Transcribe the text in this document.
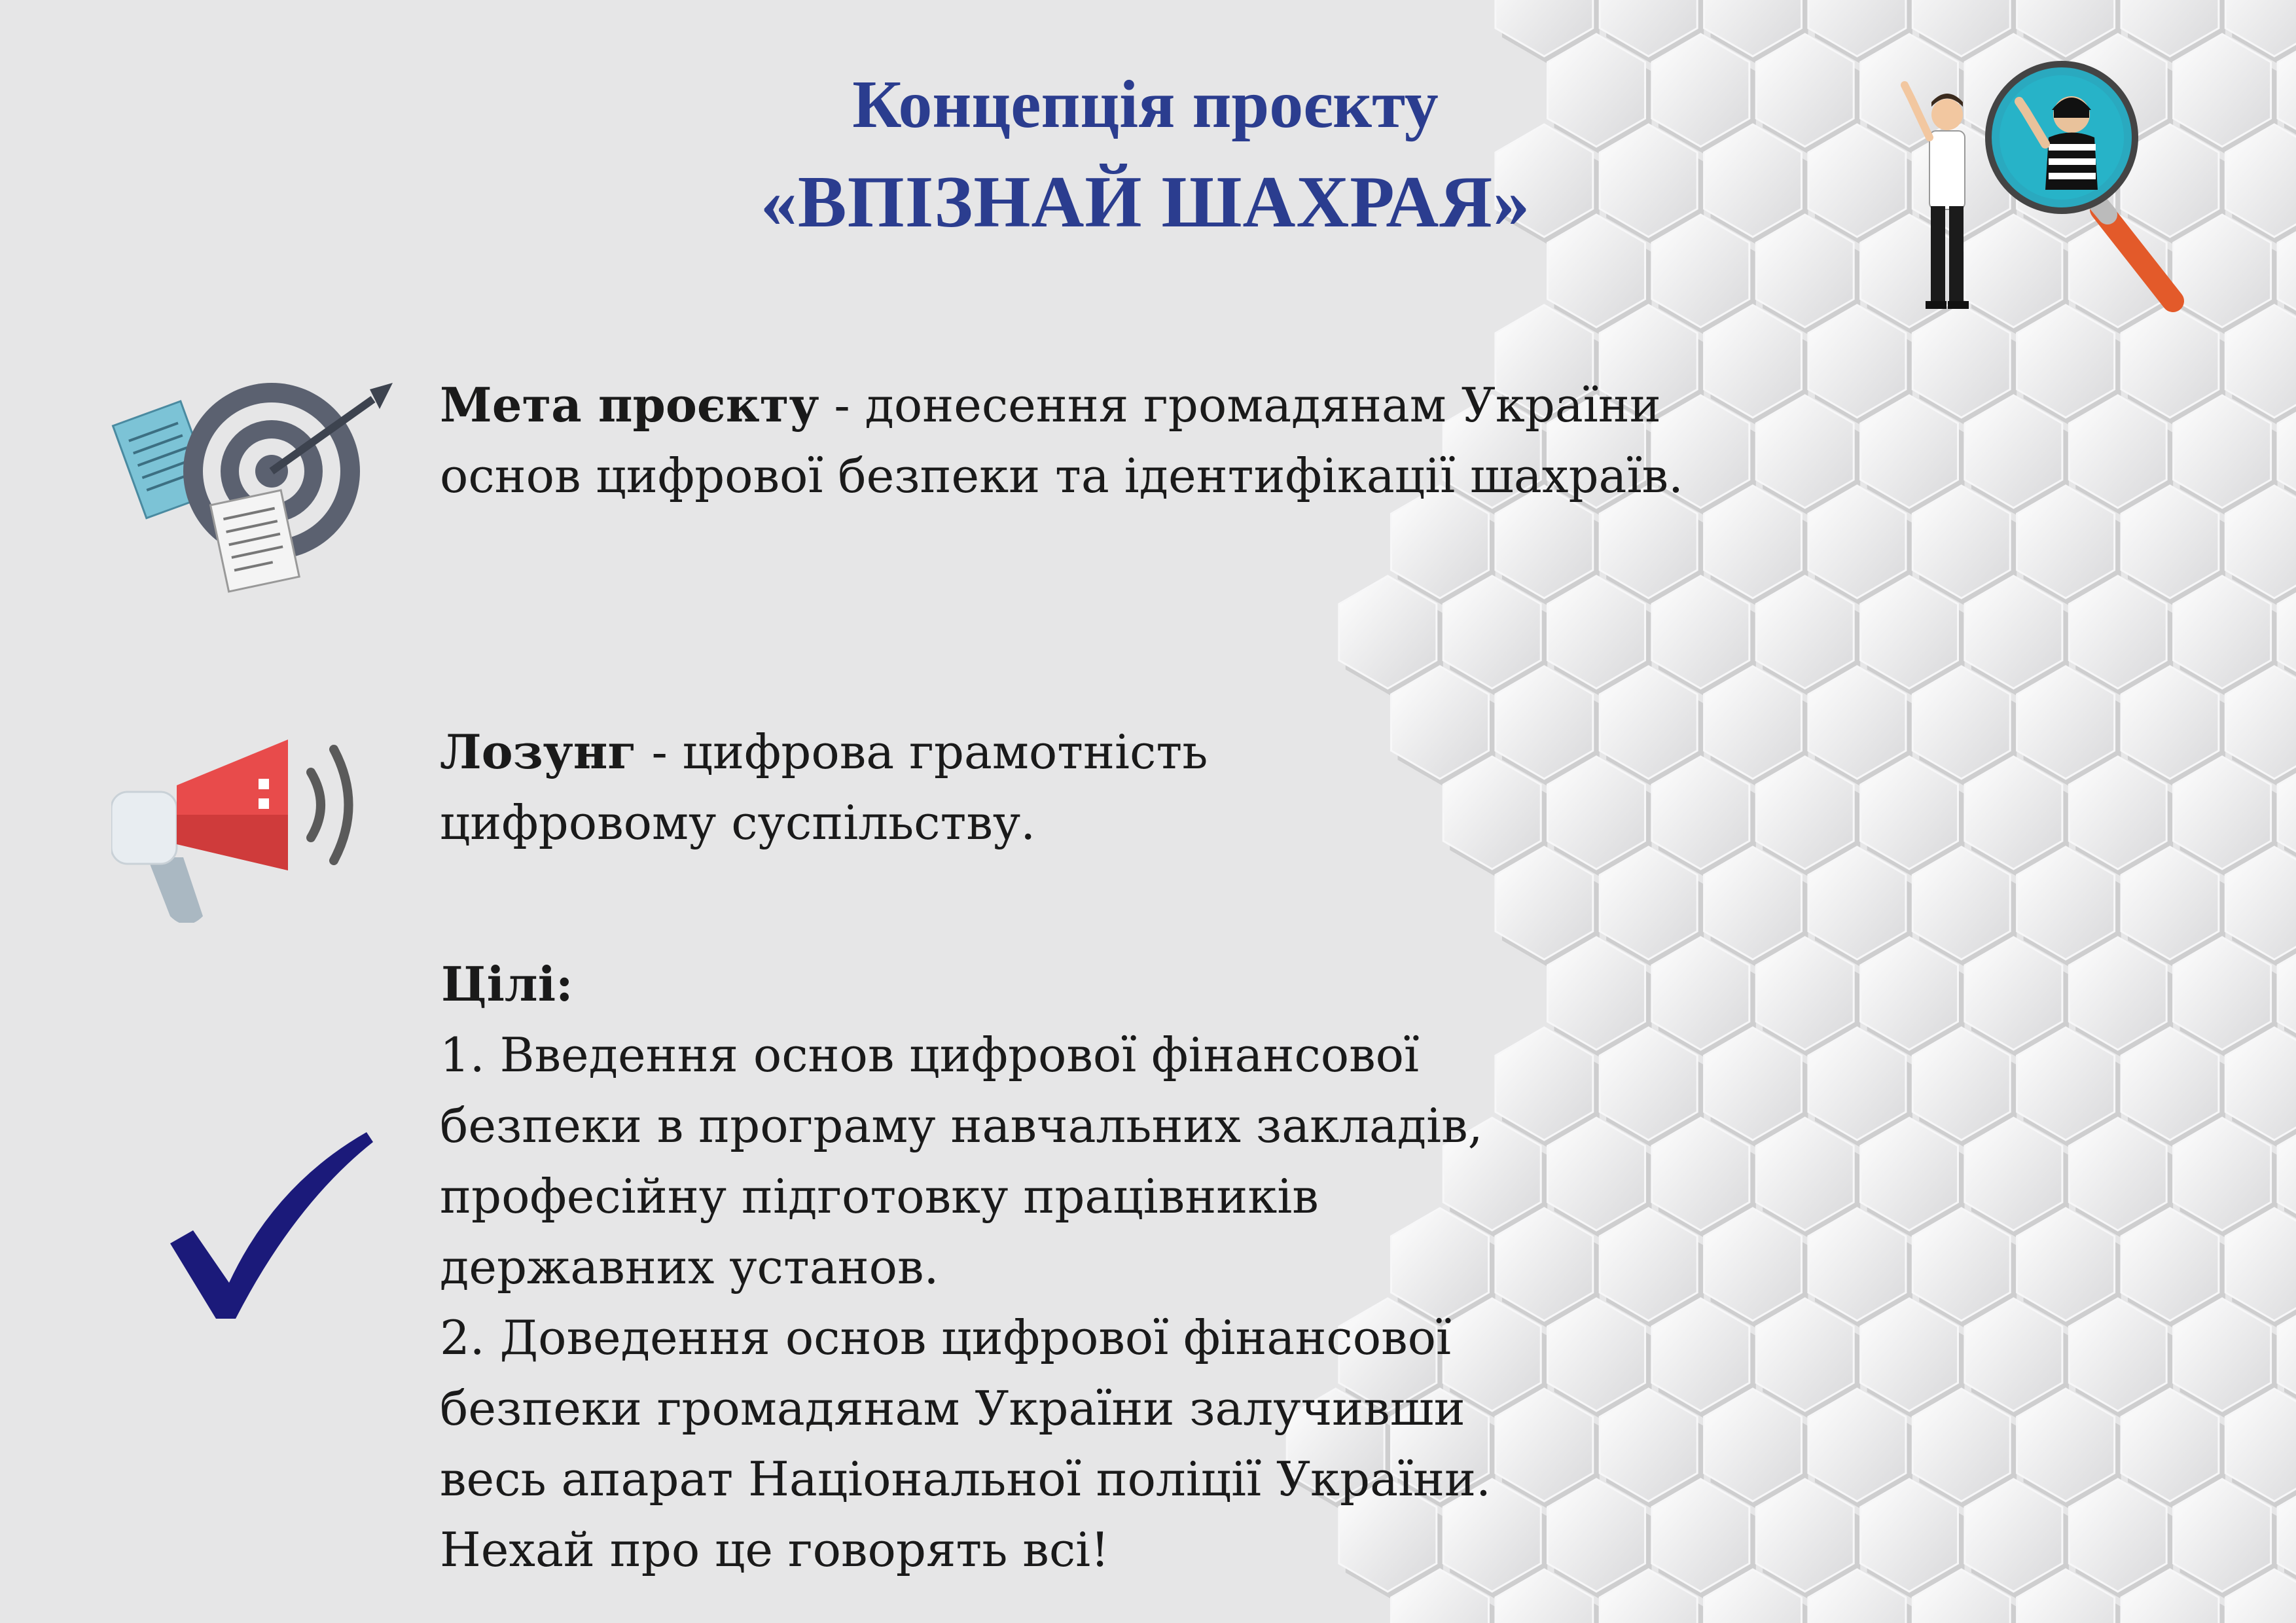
Концепція проєкту
«ВПІЗНАЙ ШАХРАЯ»
Мета проєкту - донесення громадянам України основ цифрової безпеки та ідентифікації шахраїв.
Лозунг - цифрова грамотність цифровому суспільству.
Цілі:
1. Введення основ цифрової фінансової
безпеки в програму навчальних закладів,
професійну підготовку працівників
державних установ.
2. Доведення основ цифрової фінансової
безпеки громадянам України залучивши
весь апарат Національної поліції України.
Нехай про це говорять всі!
